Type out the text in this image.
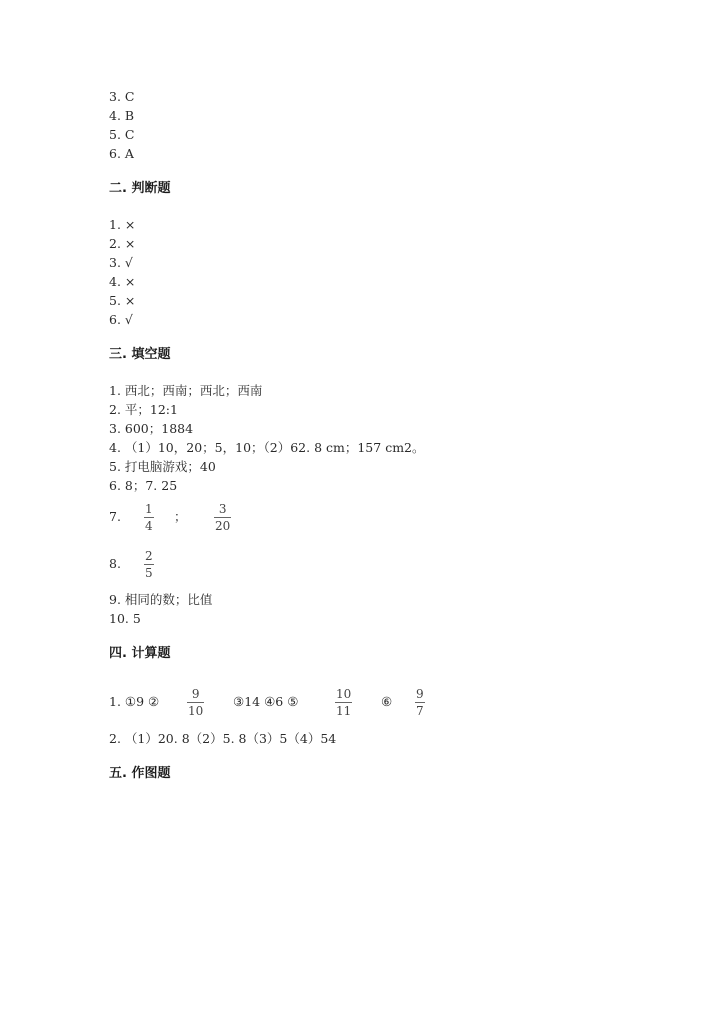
3. C
4. B
5. C
6. A
二. 判断题
1. ×
2. ×
3. √
4. ×
5. ×
6. √
三. 填空题
1. 西北；西南；西北；西南
2. 平；12:1
3. 600；1884
4. （1）10，20；5，10；（2）62. 8 cm；157 cm2。
5. 打电脑游戏；40
6. 8；7. 25
7. 1
4
；	3
20
8. 2
5
9. 相同的数；比值
10. 5
四. 计算题
1. ①9 ②	9
10
③14 ④6 ⑤	10
11
⑥ 9
7
2. （1）20. 8（2）5. 8（3）5（4）54
五. 作图题
